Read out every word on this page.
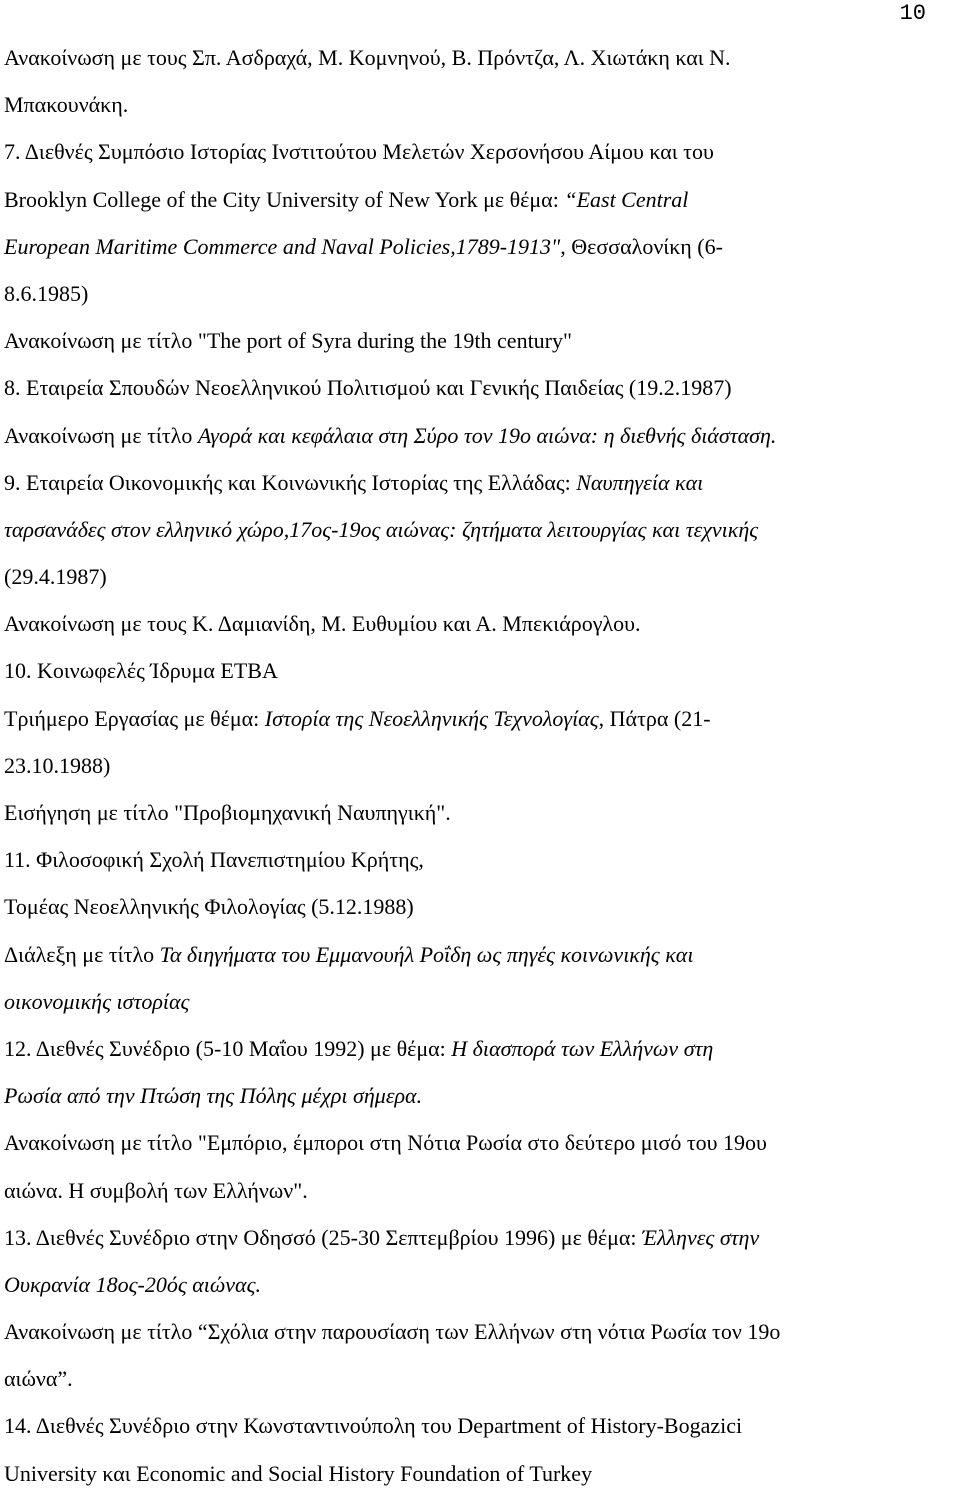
10
Ανακοίνωση με τους Σπ. Ασδραχά, Μ. Κομνηνού, Β. Πρόντζα, Λ. Χιωτάκη και Ν.
Μπακουνάκη.
7. Διεθνές Συμπόσιο Ιστορίας Ινστιτούτου Μελετών Χερσονήσου Αίμου και του
Brooklyn College of the City University of New York με θέμα: “East Central
European Maritime Commerce and Naval Policies,1789-1913", Θεσσαλονίκη (6-
8.6.1985)
Ανακοίνωση με τίτλο "The port of Syra during the 19th century"
8. Εταιρεία Σπουδών Νεοελληνικού Πολιτισμού και Γενικής Παιδείας (19.2.1987)
Ανακοίνωση με τίτλο Αγορά και κεφάλαια στη Σύρο τον 19ο αιώνα: η διεθνής διάσταση.
9. Εταιρεία Οικονομικής και Κοινωνικής Ιστορίας της Ελλάδας: Ναυπηγεία και
ταρσανάδες στον ελληνικό χώρο,17ος-19ος αιώνας: ζητήματα λειτουργίας και τεχνικής
(29.4.1987)
Ανακοίνωση με τους Κ. Δαμιανίδη, Μ. Ευθυμίου και Α. Μπεκιάρογλου.
10. Κοινωφελές Ίδρυμα ΕΤΒΑ
Τριήμερο Εργασίας με θέμα: Ιστορία της Νεοελληνικής Τεχνολογίας, Πάτρα (21-
23.10.1988)
Εισήγηση με τίτλο "Προβιομηχανική Ναυπηγική".
11. Φιλοσοφική Σχολή Πανεπιστημίου Κρήτης,
Τομέας Νεοελληνικής Φιλολογίας (5.12.1988)
Διάλεξη με τίτλο Τα διηγήματα του Εμμανουήλ Ροΐδη ως πηγές κοινωνικής και
οικονομικής ιστορίας
12. Διεθνές Συνέδριο (5-10 Μαΐου 1992) με θέμα: Η διασπορά των Ελλήνων στη
Ρωσία από την Πτώση της Πόλης μέχρι σήμερα.
Ανακοίνωση με τίτλο "Εμπόριο, έμποροι στη Νότια Ρωσία στο δεύτερο μισό του 19ου
αιώνα. Η συμβολή των Ελλήνων".
13. Διεθνές Συνέδριο στην Οδησσό (25-30 Σεπτεμβρίου 1996) με θέμα: Έλληνες στην
Ουκρανία 18ος-20ός αιώνας.
Ανακοίνωση με τίτλο “Σχόλια στην παρουσίαση των Ελλήνων στη νότια Ρωσία τον 19ο
αιώνα”.
14. Διεθνές Συνέδριο στην Κωνσταντινούπολη του Department of History-Bogazici
University και Economic and Social History Foundation of Turkey
